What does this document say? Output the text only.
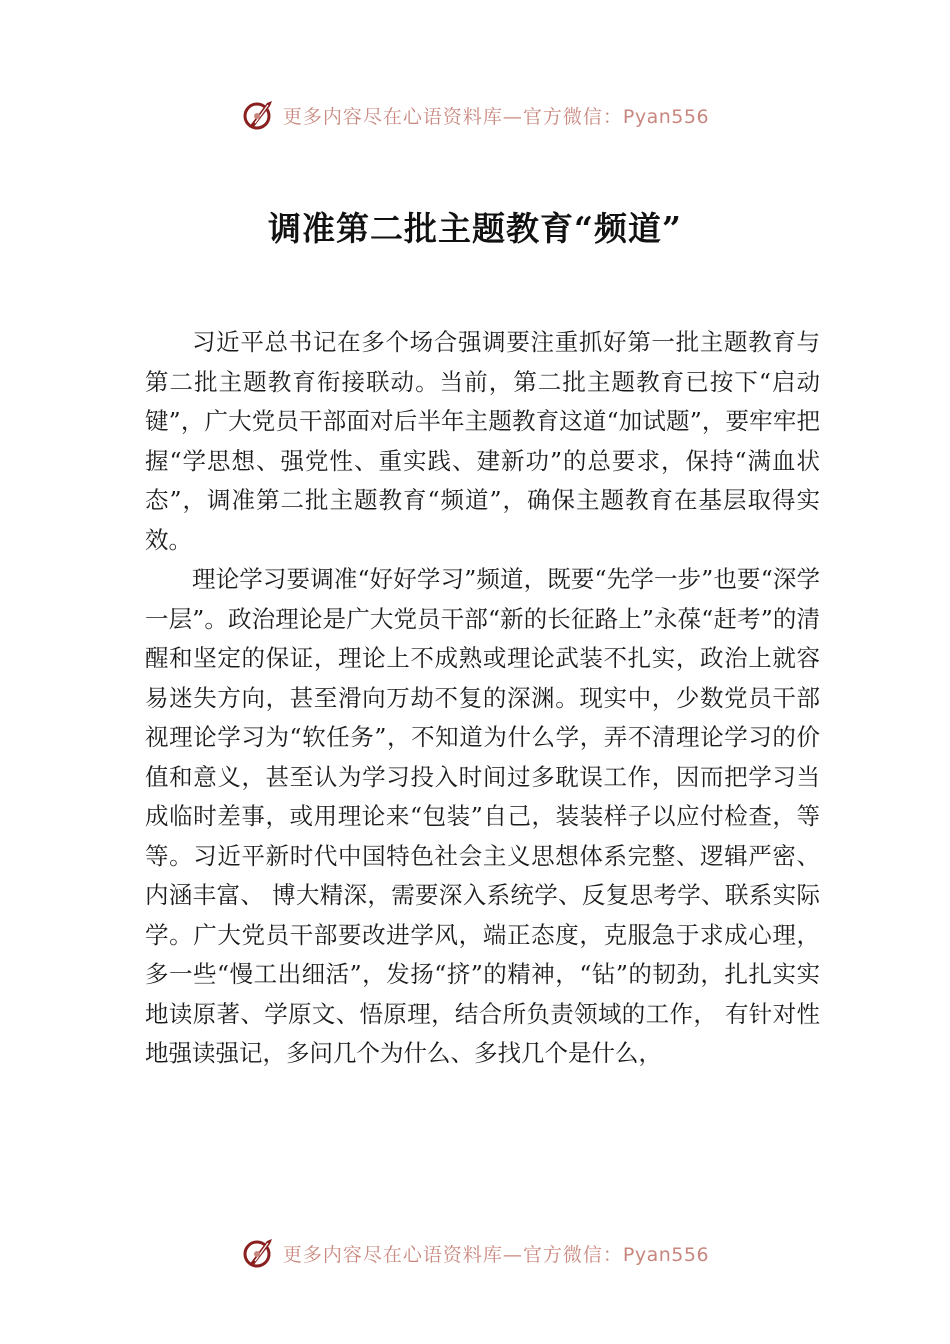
更多内容尽在心语资料库—官方微信：Pyan556
调准第二批主题教育“频道”

习近平总书记在多个场合强调要注重抓好第一批主题教育与第二批主题教育衔接联动。当前，第二批主题教育已按下“启动键”，广大党员干部面对后半年主题教育这道“加试题”，要牢牢把握“学思想、强党性、重实践、建新功”的总要求，保持“满血状态”，调准第二批主题教育“频道”，确保主题教育在基层取得实效。

理论学习要调准“好好学习”频道，既要“先学一步”也要“深学一层”。政治理论是广大党员干部“新的长征路上”永葆“赶考”的清醒和坚定的保证，理论上不成熟或理论武装不扎实，政治上就容易迷失方向，甚至滑向万劫不复的深渊。现实中，少数党员干部视理论学习为“软任务”，不知道为什么学，弄不清理论学习的价值和意义，甚至认为学习投入时间过多耽误工作，因而把学习当成临时差事，或用理论来“包装”自己，装装样子以应付检查，等等。习近平新时代中国特色社会主义思想体系完整、逻辑严密、内涵丰富、 博大精深，需要深入系统学、反复思考学、联系实际学。广大党员干部要改进学风，端正态度，克服急于求成心理，多一些“慢工出细活”，发扬“挤”的精神，“钻”的韧劲，扎扎实实地读原著、学原文、悟原理，结合所负责领域的工作， 有针对性地强读强记，多问几个为什么、多找几个是什么，

更多内容尽在心语资料库—官方微信：Pyan556
